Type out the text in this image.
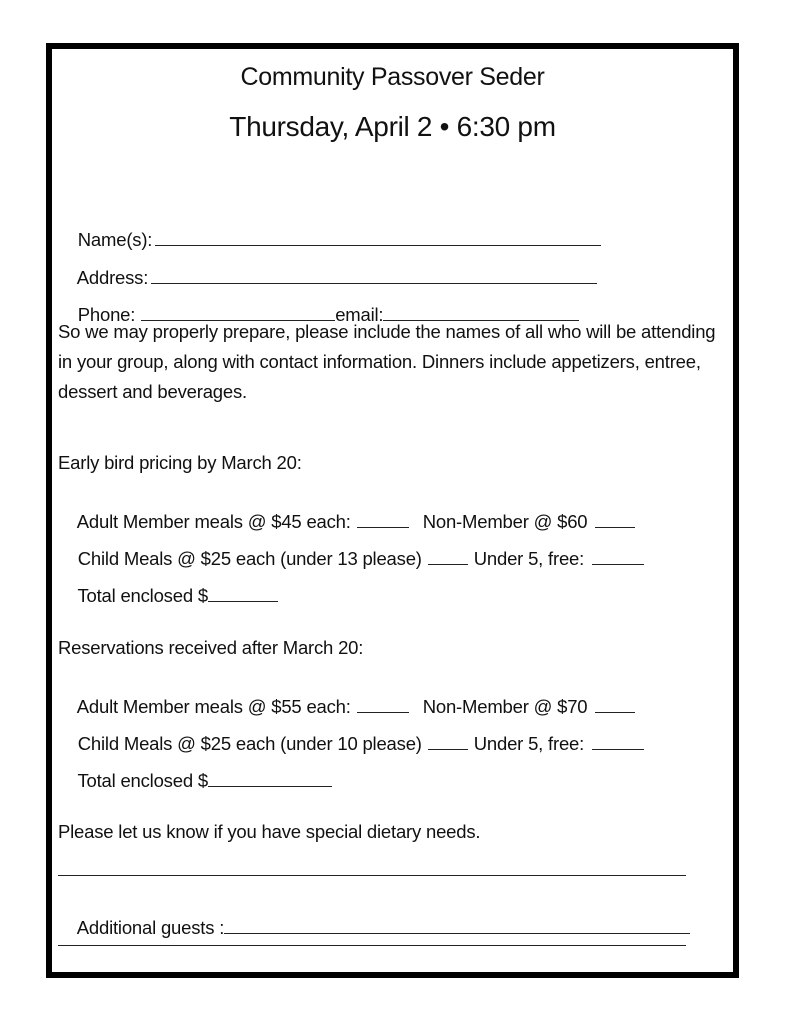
Community Passover Seder
Thursday, April 2 • 6:30 pm

Name(s):

Address:

Phone:	email:

So we may properly prepare, please include the names of all who will be attending in your group, along with contact information. Dinners include appetizers, entree, dessert and beverages.
Early bird pricing by March 20:

Adult Member meals @ $45 each:	Non-Member @ $60

Child Meals @ $25 each (under 13 please)	Under 5, free:

Total enclosed $

Reservations received after March 20:

Adult Member meals @ $55 each:	Non-Member @ $70

Child Meals @ $25 each (under 10 please)	Under 5, free:

Total enclosed $

Please let us know if you have special dietary needs.

Additional guests :
